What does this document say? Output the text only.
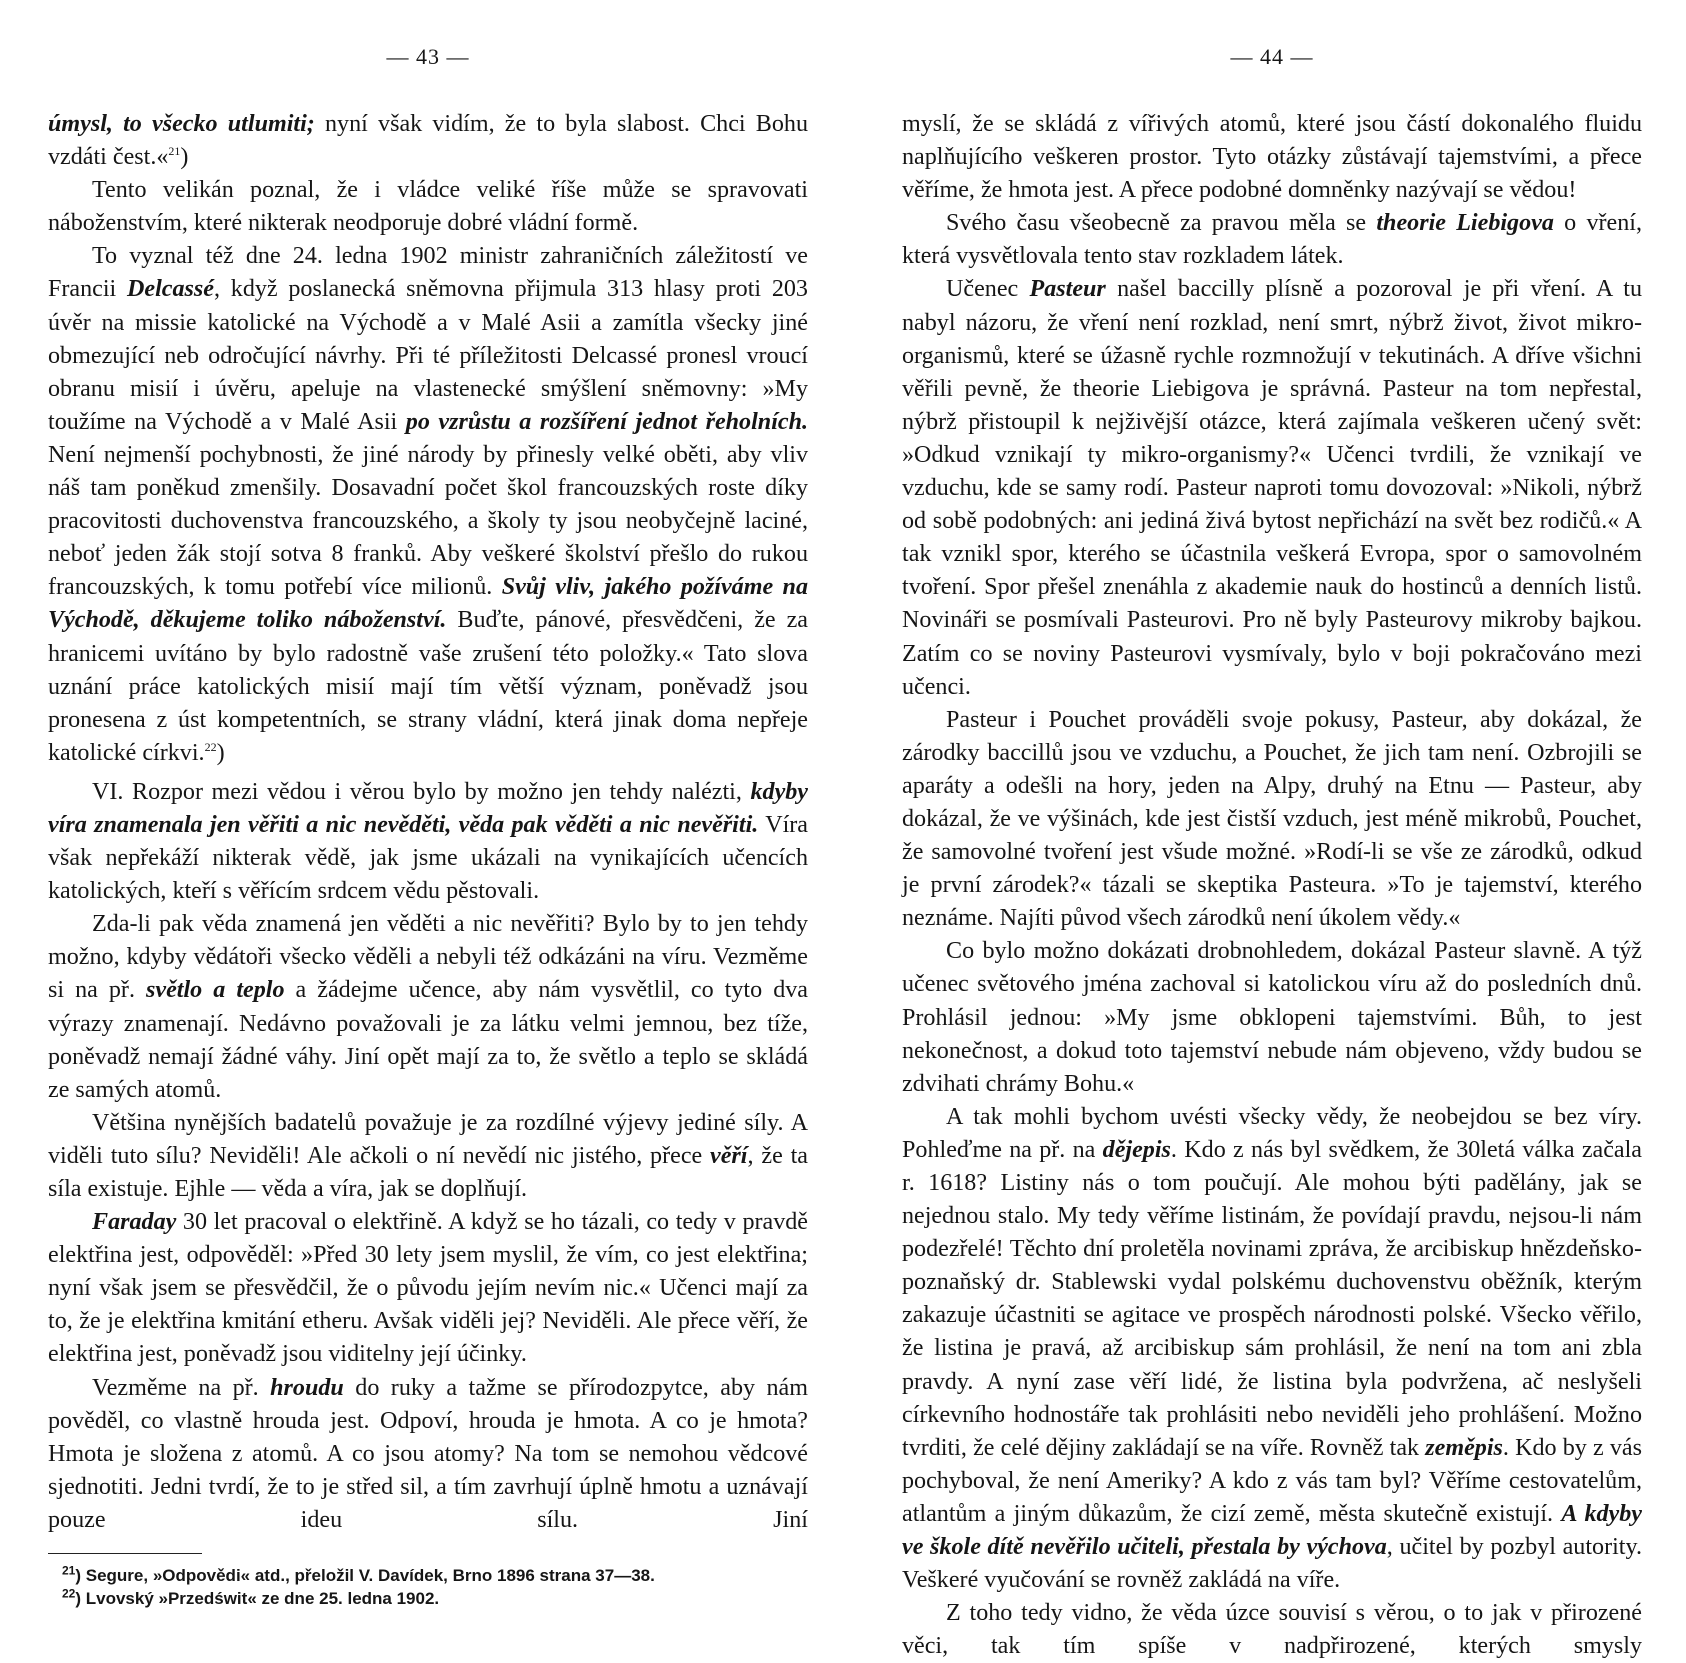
— 43 —

úmysl, to všecko utlumiti; nyní však vidím, že to byla slabost. Chci Bohu vzdáti čest.«$^{21}$)

Tento velikán poznal, že i vládce veliké říše může se spravovati náboženstvím, které nikterak neodporuje dobré vládní formě.

To vyznal též dne 24. ledna 1902 ministr zahraničních záležitostí ve Francii Delcassé, když poslanecká sněmovna přijmula 313 hlasy proti 203 úvěr na missie katolické na Východě a v Malé Asii a zamítla všecky jiné obmezující neb odročující návrhy. Při té příležitosti Delcassé pronesl vroucí obranu misií i úvěru, apeluje na vlastenecké smýšlení sněmovny: »My toužíme na Východě a v Malé Asii po vzrůstu a rozšíření jednot řeholních. Není nejmenší pochybnosti, že jiné národy by přinesly velké oběti, aby vliv náš tam poněkud zmenšily. Dosavadní počet škol francouzských roste díky pracovitosti duchovenstva francouzského, a školy ty jsou neobyčejně laciné, neboť jeden žák stojí sotva 8 franků. Aby veškeré školství přešlo do rukou francouzských, k tomu potřebí více milionů. Svůj vliv, jakého požíváme na Východě, děkujeme toliko náboženství. Buďte, pánové, přesvědčeni, že za hranicemi uvítáno by bylo radostně vaše zrušení této položky.« Tato slova uznání práce katolických misií mají tím větší význam, poněvadž jsou pronesena z úst kompetentních, se strany vládní, která jinak doma nepřeje katolické církvi.$^{22}$)

VI. Rozpor mezi vědou i věrou bylo by možno jen tehdy nalézti, kdyby víra znamenala jen věřiti a nic nevěděti, věda pak věděti a nic nevěřiti. Víra však nepřekáží nikterak vědě, jak jsme ukázali na vynikajících učencích katolických, kteří s věřícím srdcem vědu pěstovali.

Zda-li pak věda znamená jen věděti a nic nevěřiti? Bylo by to jen tehdy možno, kdyby vědátoři všecko věděli a nebyli též odkázáni na víru. Vezměme si na př. světlo a teplo a žádejme učence, aby nám vysvětlil, co tyto dva výrazy znamenají. Nedávno považovali je za látku velmi jemnou, bez tíže, poněvadž nemají žádné váhy. Jiní opět mají za to, že světlo a teplo se skládá ze samých atomů.

Většina nynějších badatelů považuje je za rozdílné výjevy jediné síly. A viděli tuto sílu? Neviděli! Ale ačkoli o ní nevědí nic jistého, přece věří, že ta síla existuje. Ejhle — věda a víra, jak se doplňují.

Faraday 30 let pracoval o elektřině. A když se ho tázali, co tedy v pravdě elektřina jest, odpověděl: »Před 30 lety jsem myslil, že vím, co jest elektřina; nyní však jsem se přesvědčil, že o původu jejím nevím nic.« Učenci mají za to, že je elektřina kmitání etheru. Avšak viděli jej? Neviděli. Ale přece věří, že elektřina jest, poněvadž jsou viditelny její účinky.

Vezměme na př. hroudu do ruky a tažme se přírodozpytce, aby nám pověděl, co vlastně hrouda jest. Odpoví, hrouda je hmota. A co je hmota? Hmota je složena z atomů. A co jsou atomy? Na tom se nemohou vědcové sjednotiti. Jedni tvrdí, že to je střed sil, a tím zavrhují úplně hmotu a uznávají pouze ideu sílu. Jiní

$^{21}$) Segure, »Odpovědi« atd., přeložil V. Davídek, Brno 1896 strana 37—38.

$^{22}$) Lvovský »Przedświt« ze dne 25. ledna 1902.

— 44 —

myslí, že se skládá z vířivých atomů, které jsou částí dokonalého fluidu naplňujícího veškeren prostor. Tyto otázky zůstávají tajemstvími, a přece věříme, že hmota jest. A přece podobné domněnky nazývají se vědou!

Svého času všeobecně za pravou měla se theorie Liebigova o vření, která vysvětlovala tento stav rozkladem látek.

Učenec Pasteur našel baccilly plísně a pozoroval je při vření. A tu nabyl názoru, že vření není rozklad, není smrt, nýbrž život, život mikro-organismů, které se úžasně rychle rozmnožují v tekutinách. A dříve všichni věřili pevně, že theorie Liebigova je správná. Pasteur na tom nepřestal, nýbrž přistoupil k nejživější otázce, která zajímala veškeren učený svět: »Odkud vznikají ty mikro-organismy?« Učenci tvrdili, že vznikají ve vzduchu, kde se samy rodí. Pasteur naproti tomu dovozoval: »Nikoli, nýbrž od sobě podobných: ani jediná živá bytost nepřichází na svět bez rodičů.« A tak vznikl spor, kterého se účastnila veškerá Evropa, spor o samovolném tvoření. Spor přešel znenáhla z akademie nauk do hostinců a denních listů. Novináři se posmívali Pasteurovi. Pro ně byly Pasteurovy mikroby bajkou. Zatím co se noviny Pasteurovi vysmívaly, bylo v boji pokračováno mezi učenci.

Pasteur i Pouchet prováděli svoje pokusy, Pasteur, aby dokázal, že zárodky baccillů jsou ve vzduchu, a Pouchet, že jich tam není. Ozbrojili se aparáty a odešli na hory, jeden na Alpy, druhý na Etnu — Pasteur, aby dokázal, že ve výšinách, kde jest čistší vzduch, jest méně mikrobů, Pouchet, že samovolné tvoření jest všude možné. »Rodí-li se vše ze zárodků, odkud je první zárodek?« tázali se skeptika Pasteura. »To je tajemství, kterého neznáme. Najíti původ všech zárodků není úkolem vědy.«

Co bylo možno dokázati drobnohledem, dokázal Pasteur slavně. A týž učenec světového jména zachoval si katolickou víru až do posledních dnů. Prohlásil jednou: »My jsme obklopeni tajemstvími. Bůh, to jest nekonečnost, a dokud toto tajemství nebude nám objeveno, vždy budou se zdvihati chrámy Bohu.«

A tak mohli bychom uvésti všecky vědy, že neobejdou se bez víry. Pohleďme na př. na dějepis. Kdo z nás byl svědkem, že 30letá válka začala r. 1618? Listiny nás o tom poučují. Ale mohou býti padělány, jak se nejednou stalo. My tedy věříme listinám, že povídají pravdu, nejsou-li nám podezřelé! Těchto dní proletěla novinami zpráva, že arcibiskup hnězdeňsko-poznaňský dr. Stablewski vydal polskému duchovenstvu oběžník, kterým zakazuje účastniti se agitace ve prospěch národnosti polské. Všecko věřilo, že listina je pravá, až arcibiskup sám prohlásil, že není na tom ani zbla pravdy. A nyní zase věří lidé, že listina byla podvržena, ač neslyšeli církevního hodnostáře tak prohlásiti nebo neviděli jeho prohlášení. Možno tvrditi, že celé dějiny zakládají se na víře. Rovněž tak zeměpis. Kdo by z vás pochyboval, že není Ameriky? A kdo z vás tam byl? Věříme cestovatelům, atlantům a jiným důkazům, že cizí země, města skutečně existují. A kdyby ve škole dítě nevěřilo učiteli, přestala by výchova, učitel by pozbyl autority. Veškeré vyučování se rovněž zakládá na víře.

Z toho tedy vidno, že věda úzce souvisí s věrou, o to jak v přirozené věci, tak tím spíše v nadpřirozené, kterých smysly
